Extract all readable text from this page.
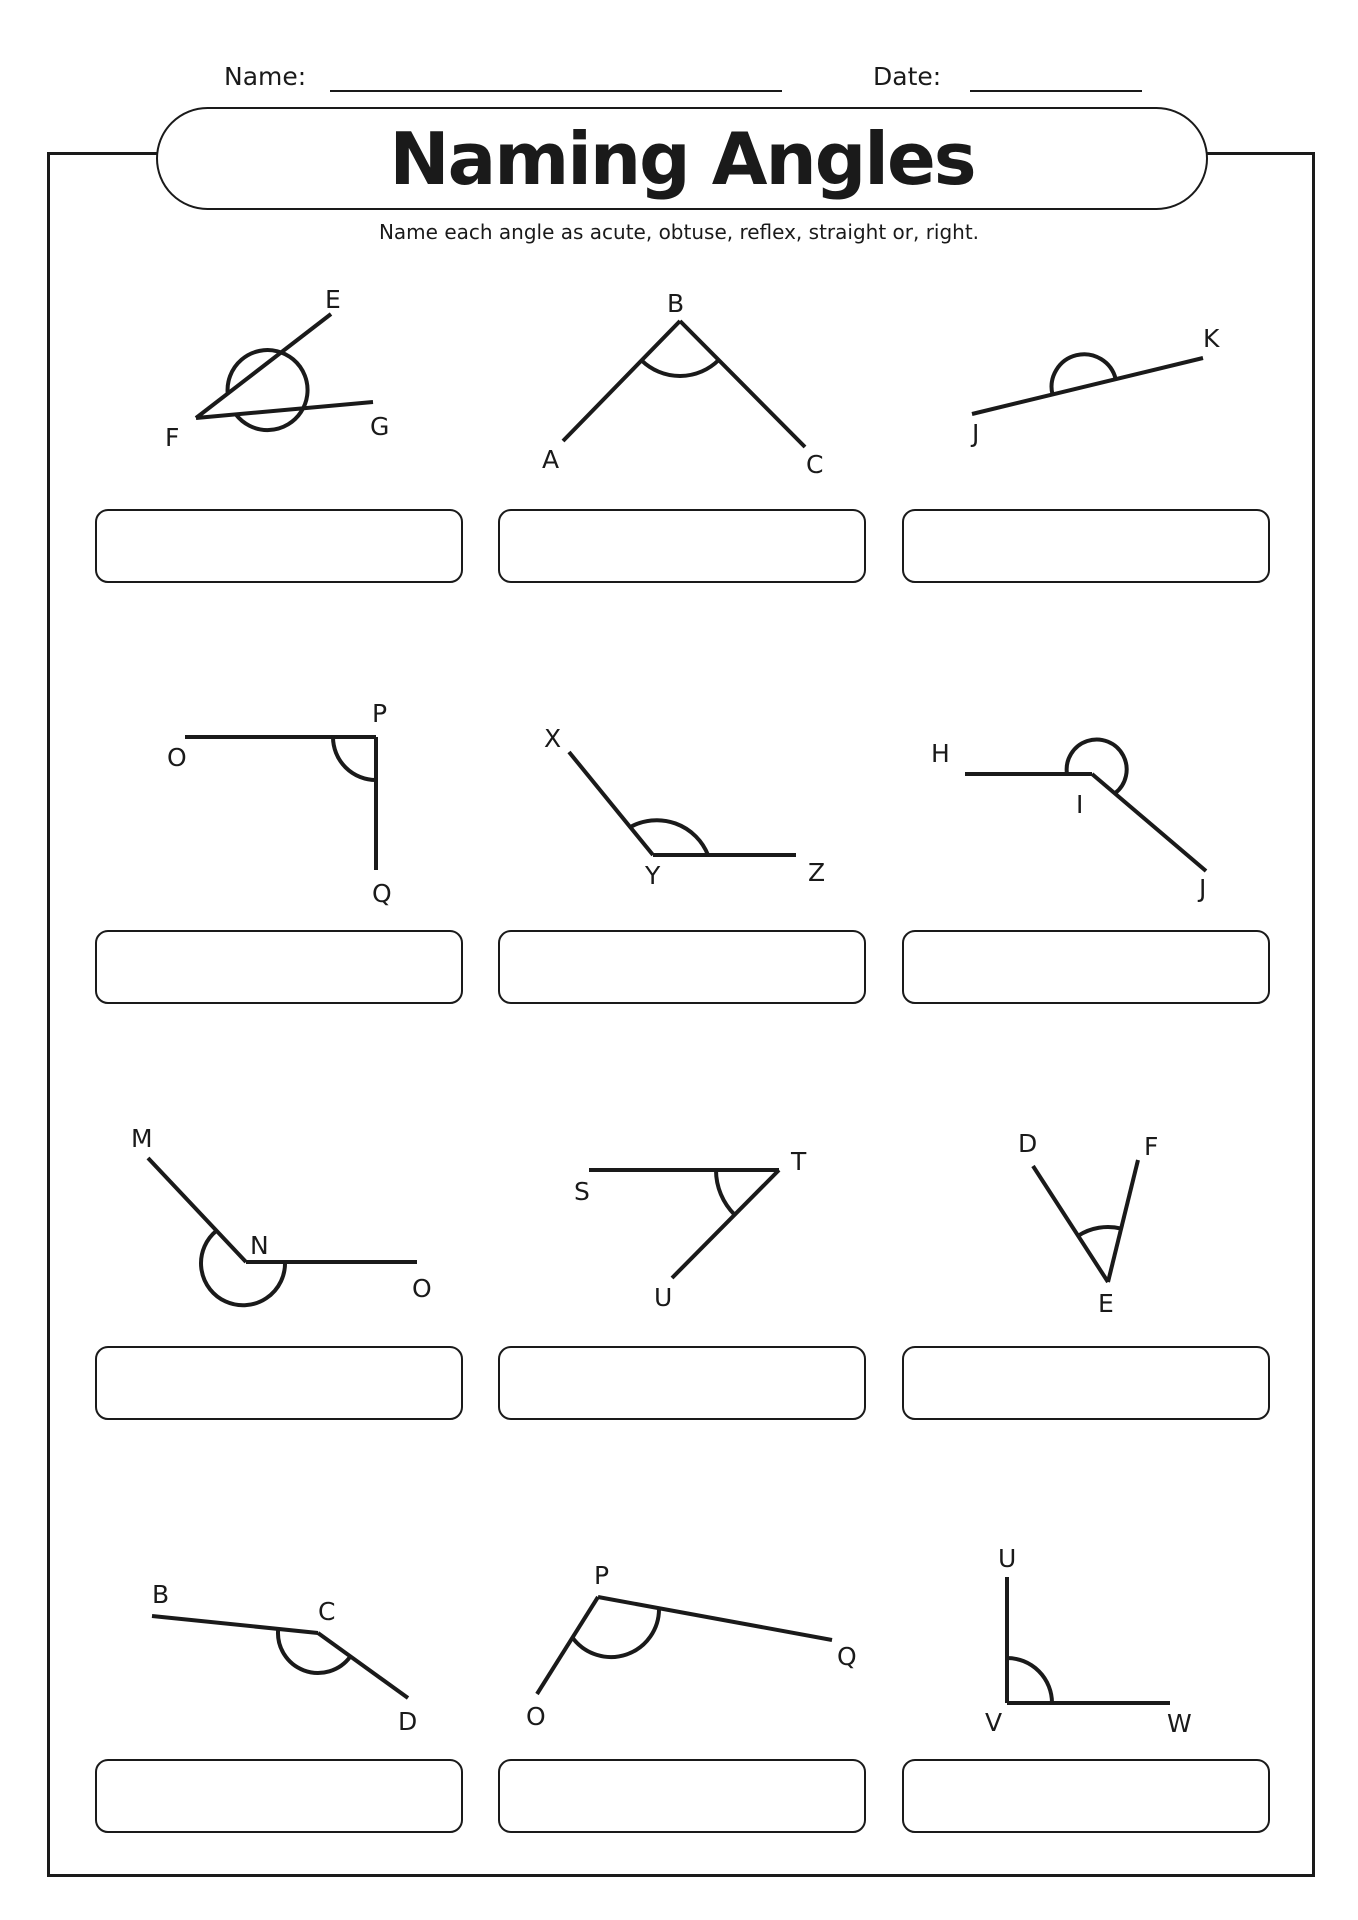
Name:	Date:
Naming Angles
Name each angle as acute, obtuse, reflex, straight or, right.
E
F	G
B
A	C
K
J
O
P
Q
X
Y	Z
H
I
J
M
N
O
S
T
U
D	F
E
B
C
D
P
O
Q
U
V	W
